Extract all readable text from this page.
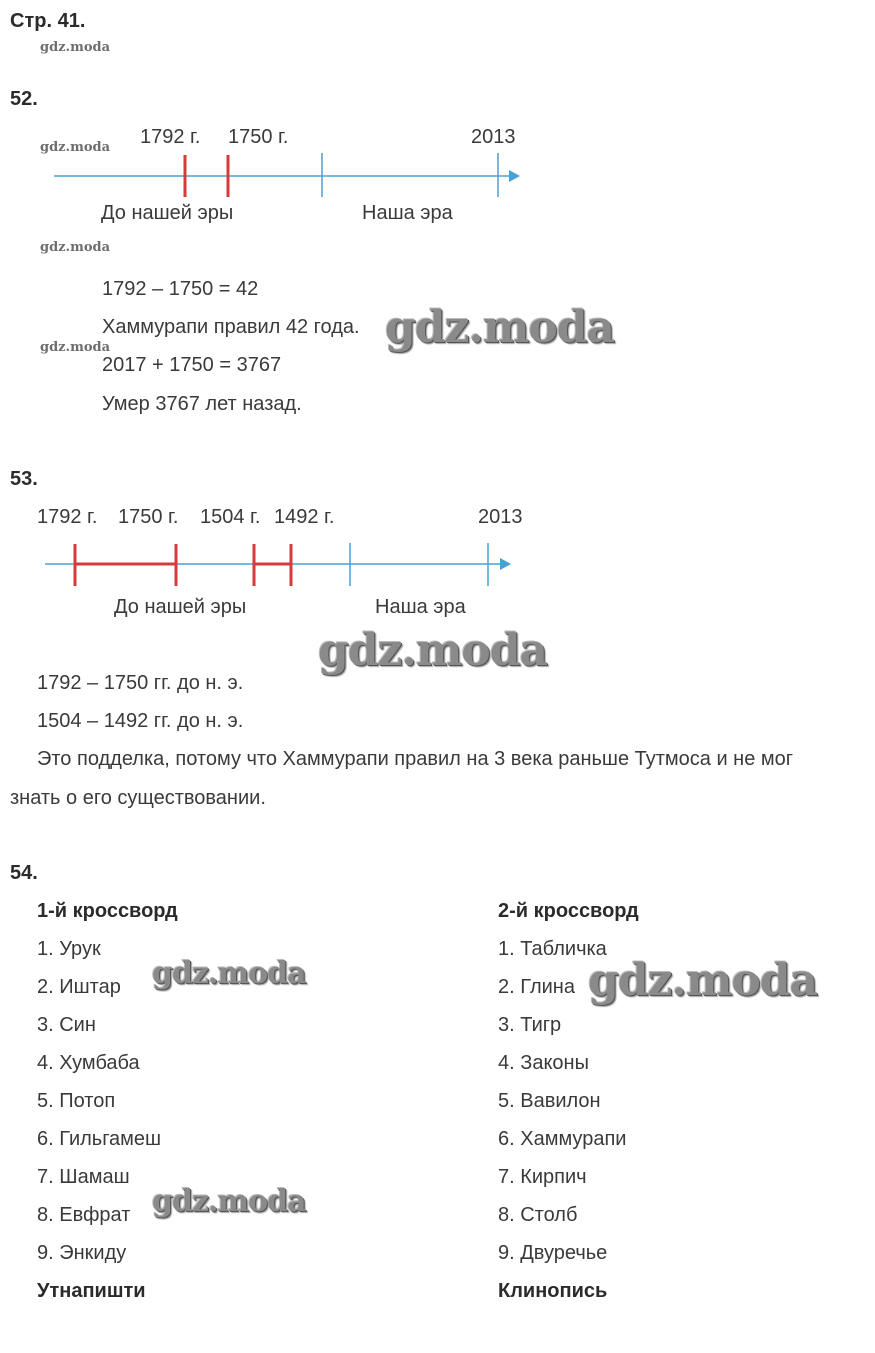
Стр. 41.
gdz.moda
52.
gdz.moda 1792 г. 1750 г.	2013
До нашей эры	Наша эра
gdz.moda
1792 – 1750 = 42
Хаммурапи правил 42 года. gdz.moda
gdz.moda
2017 + 1750 = 3767
Умер 3767 лет назад.
53.
1792 г. 1750 г. 1504 г. 1492 г.	2013
До нашей эры	Наша эра
gdz.moda
1792 – 1750 гг. до н. э.
1504 – 1492 гг. до н. э.
Это подделка, потому что Хаммурапи правил на 3 века раньше Тутмоса и не мог
знать о его существовании.
54.
1-й кроссворд
1. Урук
2. Иштар
3. Син
4. Хумбаба
5. Потоп
6. Гильгамеш
7. Шамаш
8. Евфрат
9. Энкиду
Утнапишти
gdz.moda
gdz.moda
2-й кроссворд
1. Табличка
2. Глина
3. Тигр
4. Законы
5. Вавилон
6. Хаммурапи
7. Кирпич
8. Столб
9. Двуречье
Клинопись
gdz.moda
